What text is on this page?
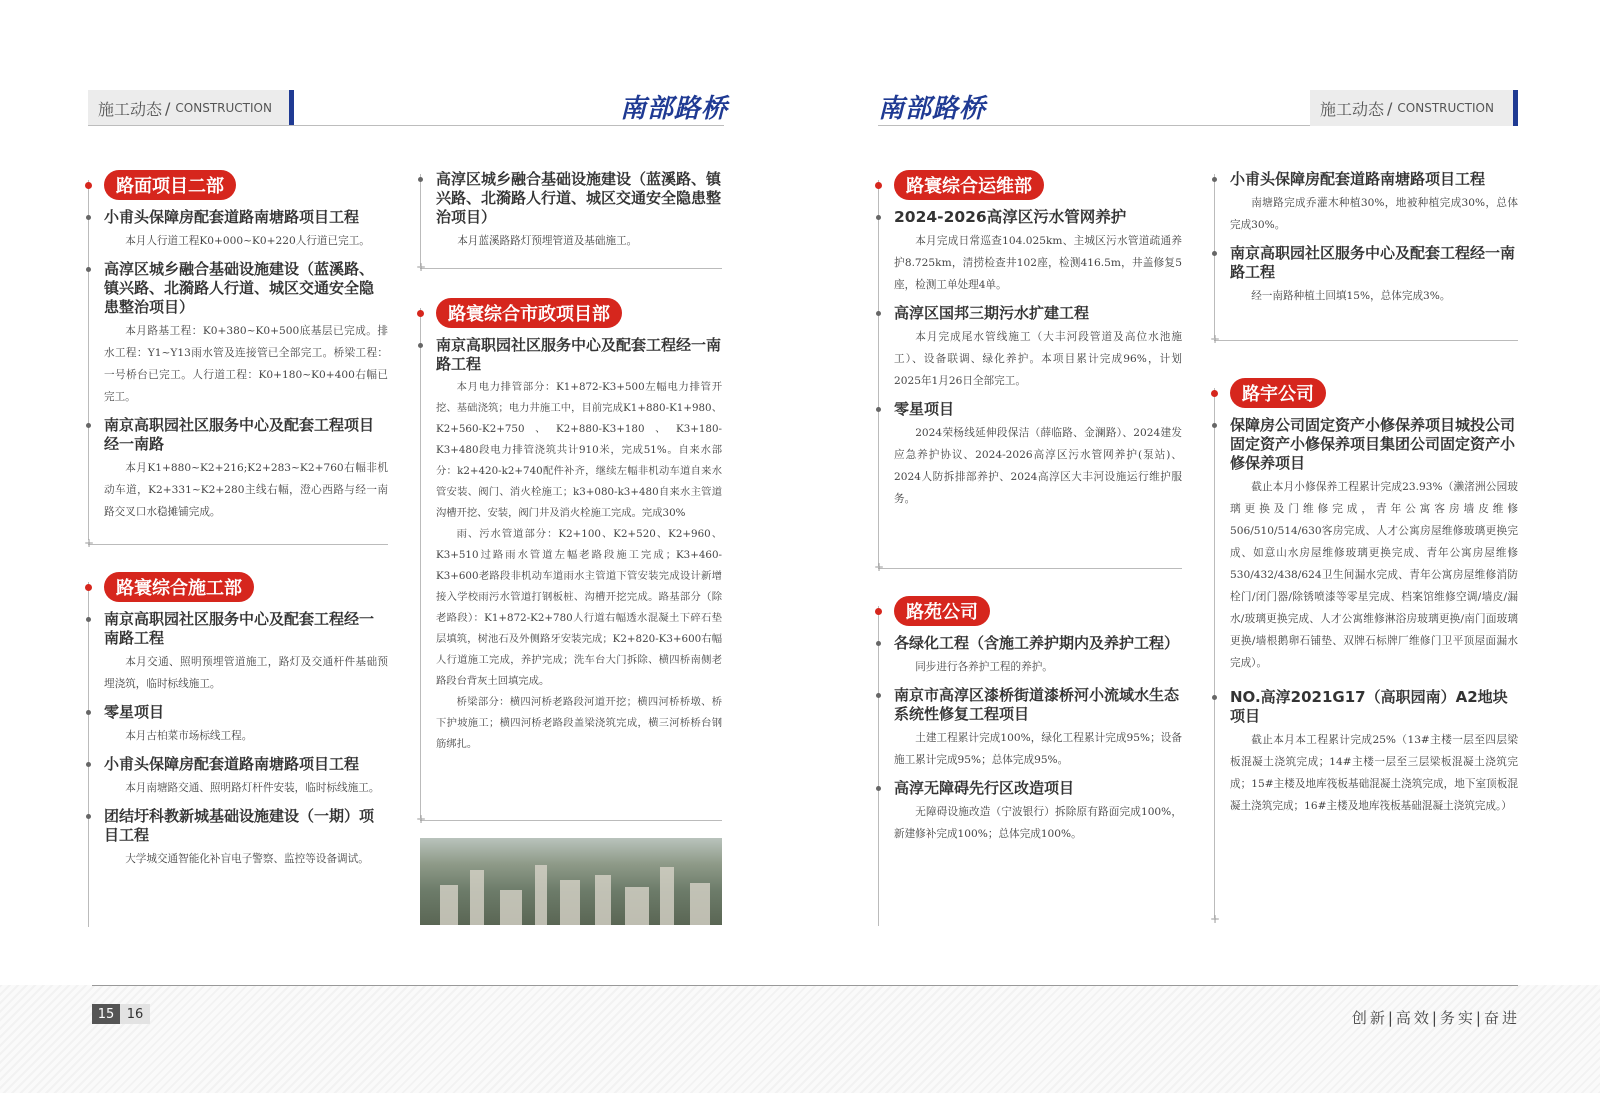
施工动态 / CONSTRUCTION	南部路桥	南部路桥	施工动态 / CONSTRUCTION
路面项目二部
小甫头保障房配套道路南塘路项目工程

本月人行道工程K0+000~K0+220人行道已完工。

高淳区城乡融合基础设施建设（蓝溪路、镇兴路、北漪路人行道、城区交通安全隐患整治项目）

本月路基工程：K0+380~K0+500底基层已完成。排水工程：Y1~Y13雨水管及连接管已全部完工。桥梁工程：一号桥台已完工。人行道工程：K0+180~K0+400右幅已完工。

南京高职园社区服务中心及配套工程项目经一南路

本月K1+880~K2+216;K2+283~K2+760右幅非机动车道，K2+331~K2+280主线右幅，澄心西路与经一南路交叉口水稳摊铺完成。

+
路寰综合施工部
南京高职园社区服务中心及配套工程经一南路工程

本月交通、照明预埋管道施工，路灯及交通杆件基础预埋浇筑，临时标线施工。

零星项目

本月古柏菜市场标线工程。

小甫头保障房配套道路南塘路项目工程

本月南塘路交通、照明路灯杆件安装，临时标线施工。

团结圩科教新城基础设施建设（一期）项目工程

大学城交通智能化补盲电子警察、监控等设备调试。

高淳区城乡融合基础设施建设（蓝溪路、镇兴路、北漪路人行道、城区交通安全隐患整治项目）

本月蓝溪路路灯预埋管道及基础施工。

+
路寰综合市政项目部
南京高职园社区服务中心及配套工程经一南路工程

本月电力排管部分：K1+872-K3+500左幅电力排管开挖、基础浇筑；电力井施工中，目前完成K1+880-K1+980、K2+560-K2+750、K2+880-K3+180、K3+180-K3+480段电力排管浇筑共计910米，完成51%。自来水部分：k2+420-k2+740配件补齐，继续左幅非机动车道自来水管安装、阀门、消火栓施工；k3+080-k3+480自来水主管道沟槽开挖、安装，阀门井及消火栓施工完成。完成30%

雨、污水管道部分：K2+100、K2+520、K2+960、K3+510过路雨水管道左幅老路段施工完成；K3+460-K3+600老路段非机动车道雨水主管道下管安装完成设计新增接入学校雨污水管道打钢板桩、沟槽开挖完成。路基部分（除老路段）：K1+872-K2+780人行道右幅透水混凝土下碎石垫层填筑，树池石及外侧路牙安装完成；K2+820-K3+600右幅人行道施工完成，养护完成；洗车台大门拆除、横四桥南侧老路段台背灰土回填完成。

桥梁部分：横四河桥老路段河道开挖；横四河桥桥墩、桥下护坡施工；横四河桥老路段盖梁浇筑完成，横三河桥桥台钢筋绑扎。

+
路寰综合运维部
2024-2026高淳区污水管网养护

本月完成日常巡查104.025km、主城区污水管道疏通养护8.725km，清捞检查井102座，检测416.5m，井盖修复5座，检测工单处理4单。

高淳区国邦三期污水扩建工程

本月完成尾水管线施工（大丰河段管道及高位水池施工）、设备联调、绿化养护。本项目累计完成96%，计划2025年1月26日全部完工。

零星项目

2024荣杨线延伸段保洁（薛临路、金澜路）、2024建发应急养护协议、2024-2026高淳区污水管网养护(泵站)、2024人防拆排部养护、2024高淳区大丰河设施运行维护服务。

+
路苑公司
各绿化工程（含施工养护期内及养护工程）

同步进行各养护工程的养护。

南京市高淳区漆桥街道漆桥河小流域水生态系统性修复工程项目

土建工程累计完成100%，绿化工程累计完成95%；设备施工累计完成95%；总体完成95%。

高淳无障碍先行区改造项目

无障碍设施改造（宁波银行）拆除原有路面完成100%，新建修补完成100%；总体完成100%。

小甫头保障房配套道路南塘路项目工程

南塘路完成乔灌木种植30%，地被种植完成30%，总体完成30%。

南京高职园社区服务中心及配套工程经一南路工程

经一南路种植土回填15%，总体完成3%。

+
路宇公司
保障房公司固定资产小修保养项目城投公司固定资产小修保养项目集团公司固定资产小修保养项目

截止本月小修保养工程累计完成23.93%（濑渚洲公园玻璃更换及门维修完成，青年公寓客房墙皮维修506/510/514/630客房完成、人才公寓房屋维修玻璃更换完成、如意山水房屋维修玻璃更换完成、青年公寓房屋维修530/432/438/624卫生间漏水完成、青年公寓房屋维修消防栓门/闭门器/除锈喷漆等零星完成、档案馆维修空调/墙皮/漏水/玻璃更换完成、人才公寓维修淋浴房玻璃更换/南门面玻璃更换/墙根鹅卵石铺垫、双牌石标牌厂维修门卫平顶屋面漏水完成）。

NO.高淳2021G17（高职园南）A2地块项目

截止本月本工程累计完成25%（13#主楼一层至四层梁板混凝土浇筑完成；14#主楼一层至三层梁板混凝土浇筑完成；15#主楼及地库筏板基础混凝土浇筑完成，地下室顶板混凝土浇筑完成；16#主楼及地库筏板基础混凝土浇筑完成。）

+
15 16	创新|高效|务实|奋进
